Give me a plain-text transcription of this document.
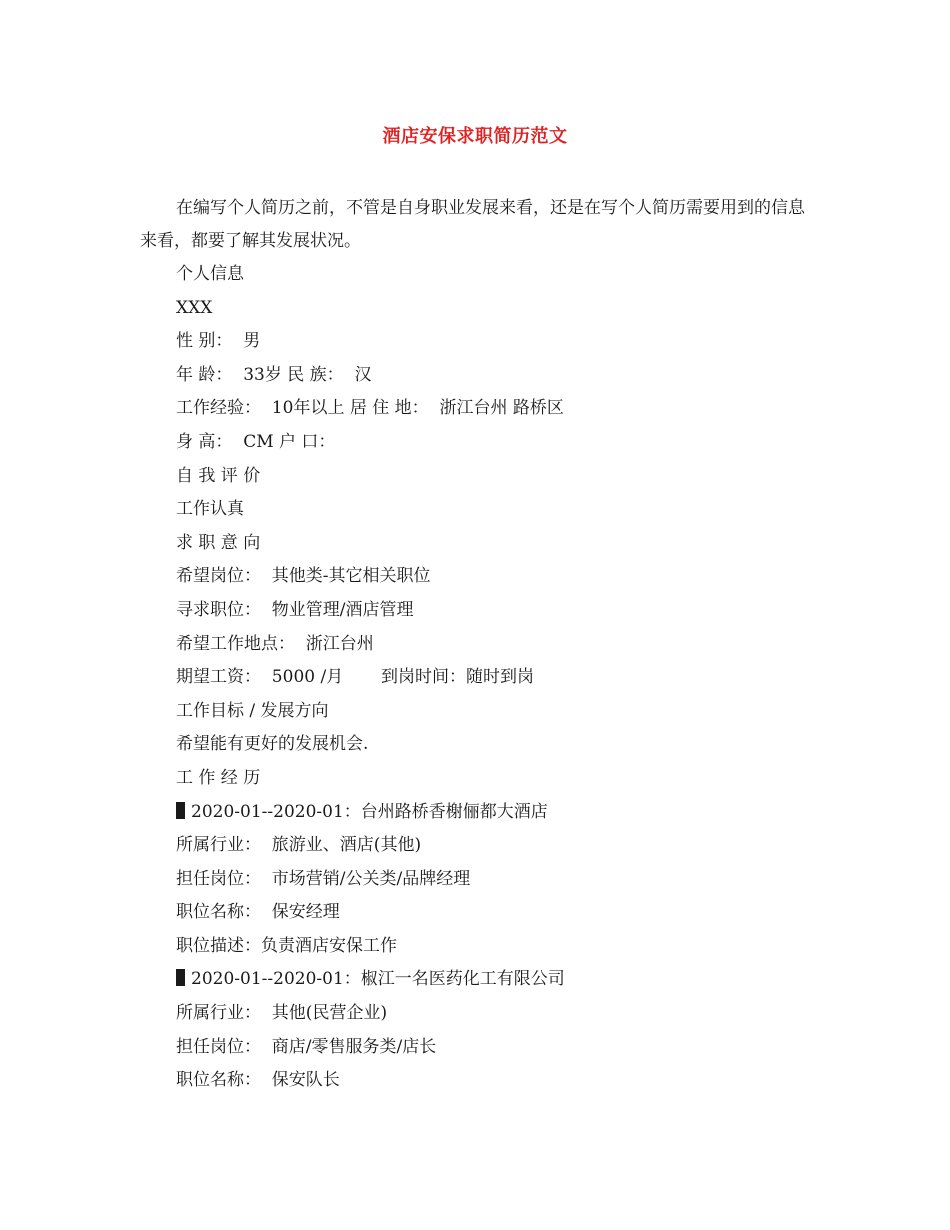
酒店安保求职简历范文
在编写个人简历之前，不管是自身职业发展来看，还是在写个人简历需要用到的信息来看，都要了解其发展状况。
个人信息
XXX
性 别：  男
年 龄：  33岁 民 族：  汉
工作经验：  10年以上 居 住 地：  浙江台州 路桥区
身 高：  CM 户 口：
自 我 评 价
工作认真
求 职 意 向
希望岗位：  其他类-其它相关职位
寻求职位：  物业管理/酒店管理
希望工作地点：  浙江台州
期望工资：  5000 /月       到岗时间：随时到岗
工作目标 / 发展方向
希望能有更好的发展机会.
工 作 经 历
2020-01--2020-01：台州路桥香榭俪都大酒店
所属行业：  旅游业、酒店(其他)
担任岗位：  市场营销/公关类/品牌经理
职位名称：  保安经理
职位描述：负责酒店安保工作
2020-01--2020-01：椒江一名医药化工有限公司
所属行业：  其他(民营企业)
担任岗位：  商店/零售服务类/店长
职位名称：  保安队长
